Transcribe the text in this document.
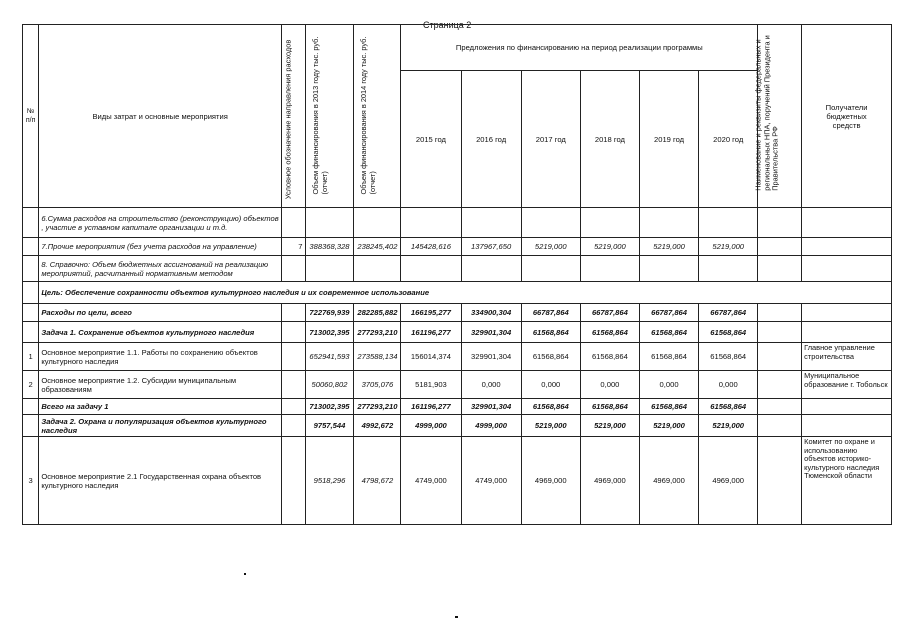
Страница 2
№
п/п	Виды затрат и основные мероприятия	Условное обозначение направления расходов	Объем финансирования в 2013 году тыс. руб.(отчет)	Объем финансирования в 2014 году тыс. руб.(отчет)	Предложения по финансированию на период реализации программы						Наименование и реквизиты федеральных и региональных НПА, поручений Президента и Правительства РФ	Получатели бюджетных средств
					2015 год	2016 год	2017 год	2018 год	2019 год	2020 год		
	6.Сумма расходов на строительство (реконструкцию) объектов , участие в уставном капитале организации и т.д.											
	7.Прочие мероприятия (без учета расходов на управление)	7	388368,328	238245,402	145428,616	137967,650	5219,000	5219,000	5219,000	5219,000		
	8. Справочно: Объем бюджетных ассигнований на реализацию мероприятий, расчитанный нормативным методом											
	Цель: Обеспечение сохранности объектов культурного наследия и их современное использование											
	Расходы по цели, всего		722769,939	282285,882	166195,277	334900,304	66787,864	66787,864	66787,864	66787,864		
	Задача 1. Сохранение объектов культурного наследия		713002,395	277293,210	161196,277	329901,304	61568,864	61568,864	61568,864	61568,864		
1	Основное мероприятие 1.1. Работы по сохранению объектов культурного наследия		652941,593	273588,134	156014,374	329901,304	61568,864	61568,864	61568,864	61568,864		Главное управление строительства
2	Основное мероприятие 1.2. Субсидии муниципальным образованиям		50060,802	3705,076	5181,903	0,000	0,000	0,000	0,000	0,000		Муниципальное образование г. Тобольск
	Всего на задачу 1		713002,395	277293,210	161196,277	329901,304	61568,864	61568,864	61568,864	61568,864		
	Задача 2. Охрана и популяризация объектов культурного наследия		9757,544	4992,672	4999,000	4999,000	5219,000	5219,000	5219,000	5219,000		
3	Основное мероприятие 2.1 Государственная охрана объектов культурного наследия		9518,296	4798,672	4749,000	4749,000	4969,000	4969,000	4969,000	4969,000		Комитет по охране и использованию объектов историко-культурного наследия Тюменской области
